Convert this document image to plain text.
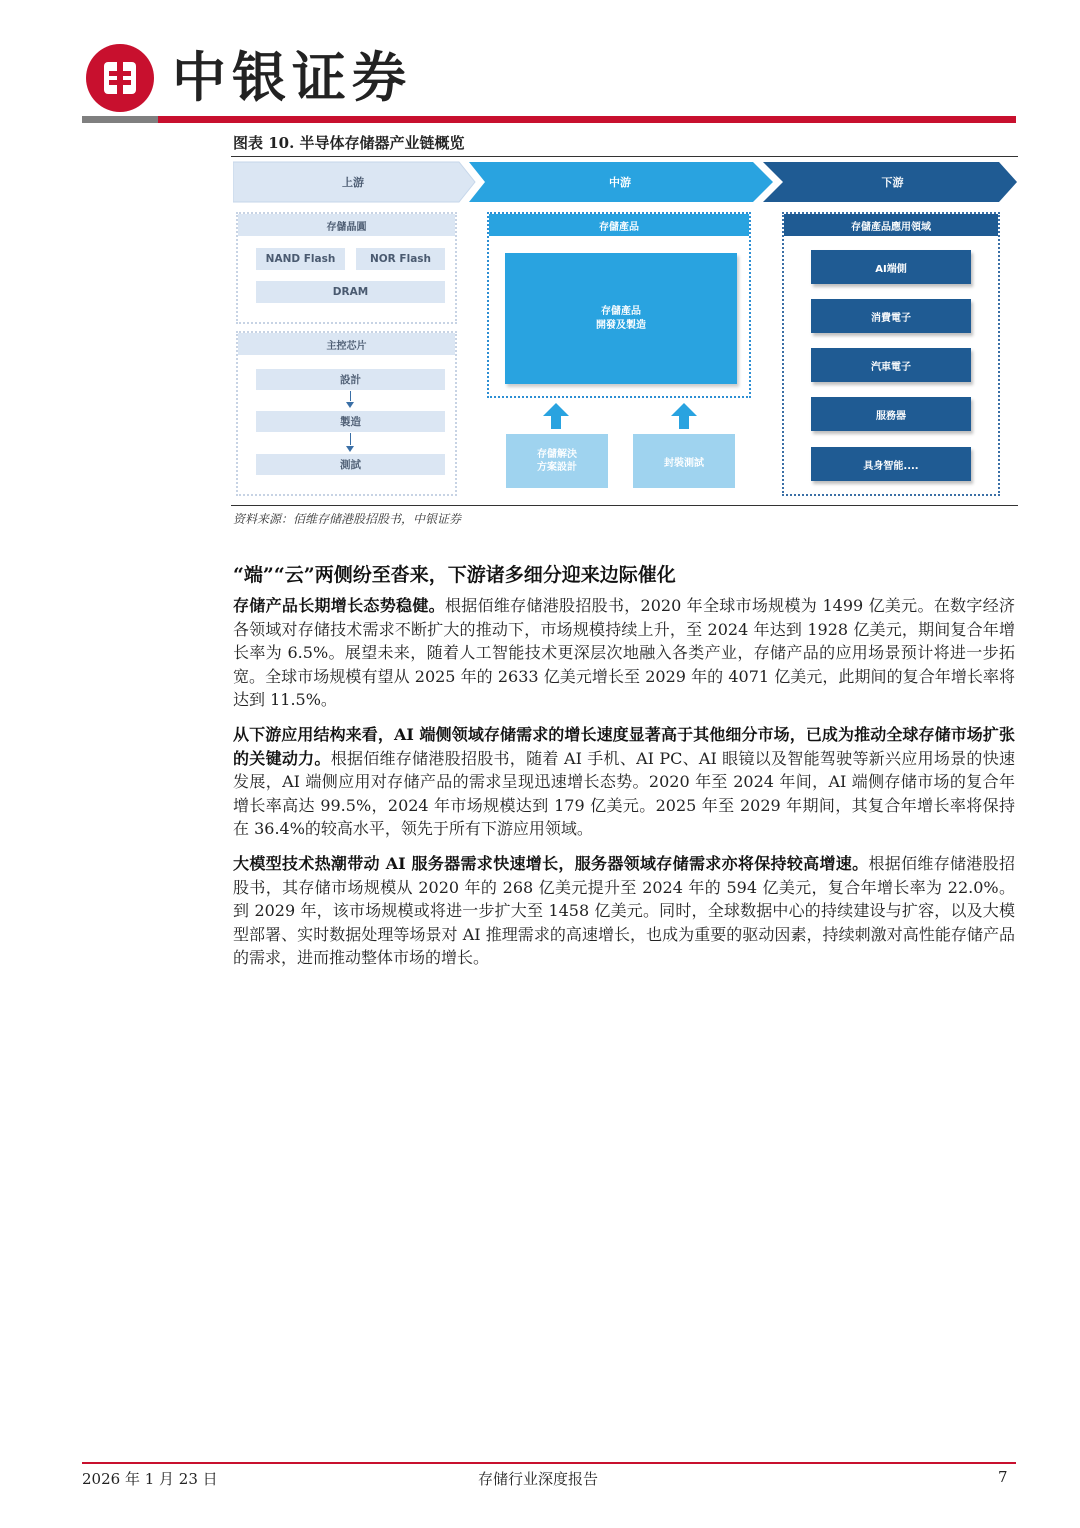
中银证券
图表 10. 半导体存储器产业链概览
上游	中游	下游
存儲晶圓
NAND Flash	NOR Flash
DRAM
主控芯片
設計
製造
測試
存儲產品
存儲產品
開發及製造
存儲解決
方案設計	封裝測試
存儲產品應用領域
AI端側
消費電子
汽車電子
服務器
具身智能....
资料来源：佰维存储港股招股书，中银证券
“端”“云”两侧纷至沓来，下游诸多细分迎来边际催化
存储产品长期增长态势稳健。根据佰维存储港股招股书，2020 年全球市场规模为 1499 亿美元。在数字经济各领域对存储技术需求不断扩大的推动下，市场规模持续上升，至 2024 年达到 1928 亿美元，期间复合年增长率为 6.5%。展望未来，随着人工智能技术更深层次地融入各类产业，存储产品的应用场景预计将进一步拓宽。全球市场规模有望从 2025 年的 2633 亿美元增长至 2029 年的 4071 亿美元，此期间的复合年增长率将达到 11.5%。
从下游应用结构来看，AI 端侧领域存储需求的增长速度显著高于其他细分市场，已成为推动全球存储市场扩张的关键动力。根据佰维存储港股招股书，随着 AI 手机、AI PC、AI 眼镜以及智能驾驶等新兴应用场景的快速发展，AI 端侧应用对存储产品的需求呈现迅速增长态势。2020 年至 2024 年间，AI 端侧存储市场的复合年增长率高达 99.5%，2024 年市场规模达到 179 亿美元。2025 年至 2029 年期间，其复合年增长率将保持在 36.4%的较高水平，领先于所有下游应用领域。
大模型技术热潮带动 AI 服务器需求快速增长，服务器领域存储需求亦将保持较高增速。根据佰维存储港股招股书，其存储市场规模从 2020 年的 268 亿美元提升至 2024 年的 594 亿美元，复合年增长率为 22.0%。到 2029 年，该市场规模或将进一步扩大至 1458 亿美元。同时，全球数据中心的持续建设与扩容，以及大模型部署、实时数据处理等场景对 AI 推理需求的高速增长，也成为重要的驱动因素，持续刺激对高性能存储产品的需求，进而推动整体市场的增长。
2026 年 1 月 23 日	存储行业深度报告	7
